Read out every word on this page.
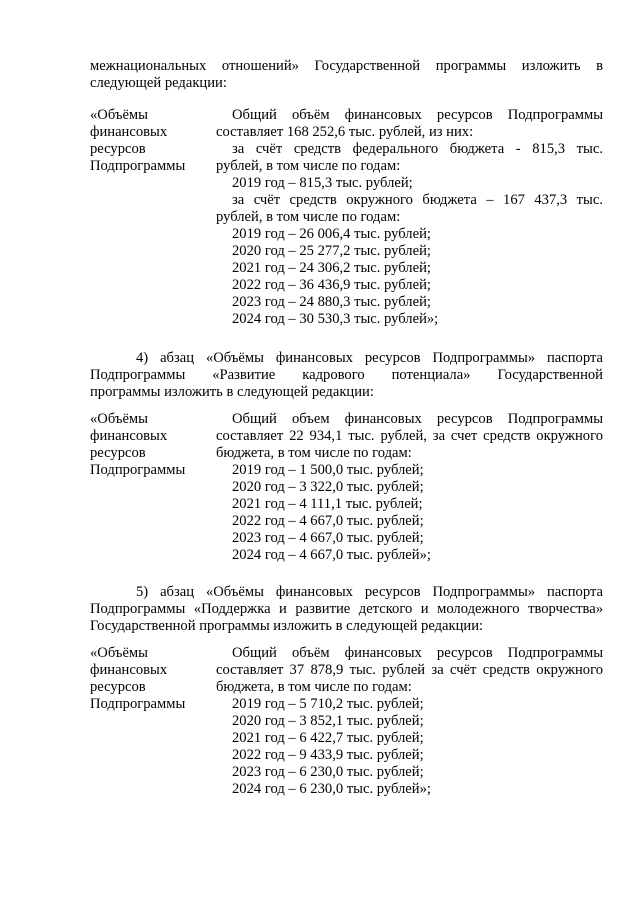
межнациональных отношений» Государственной программы изложить в
следующей редакции:
«Объёмы
финансовых
ресурсов
Подпрограммы
Общий объём финансовых ресурсов Подпрограммы
составляет 168 252,6 тыс. рублей, из них:
за счёт средств федерального бюджета - 815,3 тыс.
рублей, в том числе по годам:
2019 год – 815,3 тыс. рублей;
за счёт средств окружного бюджета – 167 437,3 тыс.
рублей, в том числе по годам:
2019 год – 26 006,4 тыс. рублей;
2020 год – 25 277,2 тыс. рублей;
2021 год – 24 306,2 тыс. рублей;
2022 год – 36 436,9 тыс. рублей;
2023 год – 24 880,3 тыс. рублей;
2024 год – 30 530,3 тыс. рублей»;
4) абзац «Объёмы финансовых ресурсов Подпрограммы» паспорта
Подпрограммы «Развитие кадрового потенциала» Государственной
программы изложить в следующей редакции:
«Объёмы
финансовых
ресурсов
Подпрограммы
Общий объем финансовых ресурсов Подпрограммы
составляет 22 934,1 тыс. рублей, за счет средств окружного
бюджета, в том числе по годам:
2019 год – 1 500,0 тыс. рублей;
2020 год – 3 322,0 тыс. рублей;
2021 год – 4 111,1 тыс. рублей;
2022 год – 4 667,0 тыс. рублей;
2023 год – 4 667,0 тыс. рублей;
2024 год – 4 667,0 тыс. рублей»;
5) абзац «Объёмы финансовых ресурсов Подпрограммы» паспорта
Подпрограммы «Поддержка и развитие детского и молодежного творчества»
Государственной программы изложить в следующей редакции:
«Объёмы
финансовых
ресурсов
Подпрограммы
Общий объём финансовых ресурсов Подпрограммы
составляет 37 878,9 тыс. рублей за счёт средств окружного
бюджета, в том числе по годам:
2019 год – 5 710,2 тыс. рублей;
2020 год – 3 852,1 тыс. рублей;
2021 год – 6 422,7 тыс. рублей;
2022 год – 9 433,9 тыс. рублей;
2023 год – 6 230,0 тыс. рублей;
2024 год – 6 230,0 тыс. рублей»;
